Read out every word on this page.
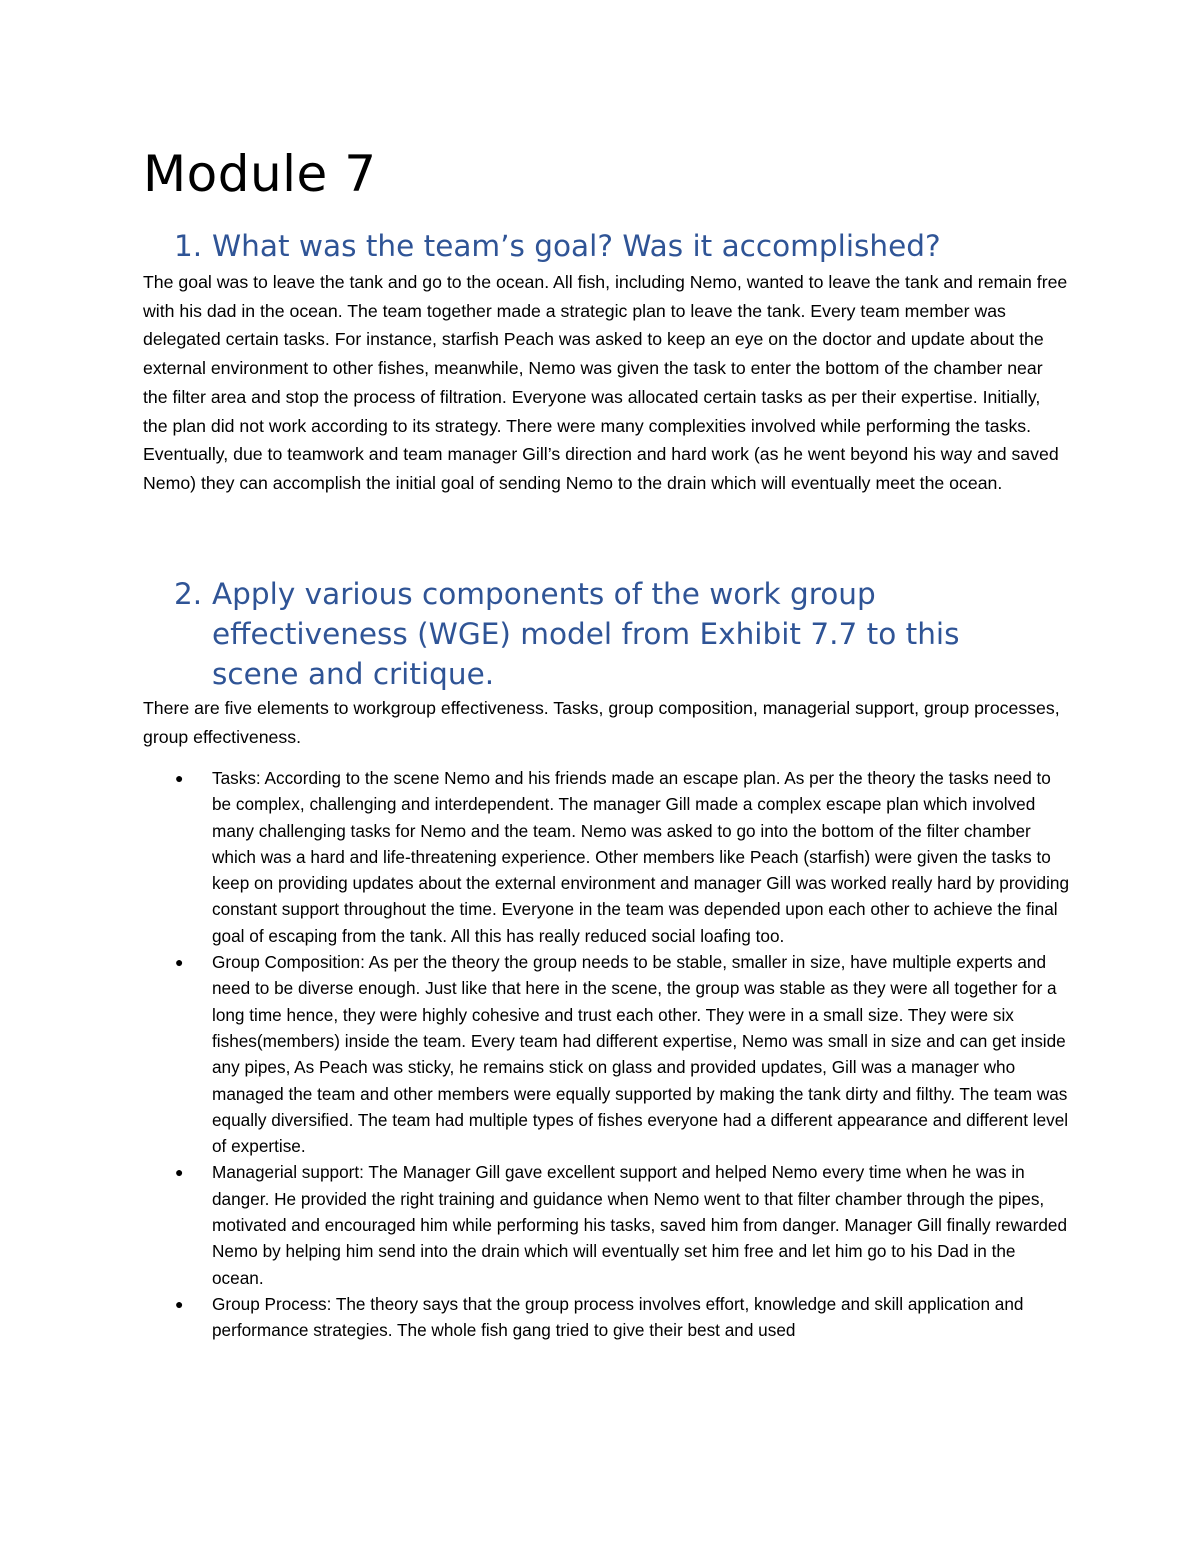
Module 7
1. What was the team’s goal? Was it accomplished?

The goal was to leave the tank and go to the ocean. All fish, including Nemo, wanted to leave the tank and remain free with his dad in the ocean. The team together made a strategic plan to leave the tank. Every team member was delegated certain tasks. For instance, starfish Peach was asked to keep an eye on the doctor and update about the external environment to other fishes, meanwhile, Nemo was given the task to enter the bottom of the chamber near the filter area and stop the process of filtration. Everyone was allocated certain tasks as per their expertise. Initially, the plan did not work according to its strategy. There were many complexities involved while performing the tasks. Eventually, due to teamwork and team manager Gill’s direction and hard work (as he went beyond his way and saved Nemo) they can accomplish the initial goal of sending Nemo to the drain which will eventually meet the ocean.

2. Apply various components of the work group effectiveness (WGE) model from Exhibit 7.7 to this scene and critique.

There are five elements to workgroup effectiveness. Tasks, group composition, managerial support, group processes, group effectiveness.

● Tasks: According to the scene Nemo and his friends made an escape plan. As per the theory the tasks need to be complex, challenging and interdependent. The manager Gill made a complex escape plan which involved many challenging tasks for Nemo and the team. Nemo was asked to go into the bottom of the filter chamber which was a hard and life-threatening experience. Other members like Peach (starfish) were given the tasks to keep on providing updates about the external environment and manager Gill was worked really hard by providing constant support throughout the time. Everyone in the team was depended upon each other to achieve the final goal of escaping from the tank. All this has really reduced social loafing too.
● Group Composition: As per the theory the group needs to be stable, smaller in size, have multiple experts and need to be diverse enough. Just like that here in the scene, the group was stable as they were all together for a long time hence, they were highly cohesive and trust each other. They were in a small size. They were six fishes(members) inside the team. Every team had different expertise, Nemo was small in size and can get inside any pipes, As Peach was sticky, he remains stick on glass and provided updates, Gill was a manager who managed the team and other members were equally supported by making the tank dirty and filthy. The team was equally diversified. The team had multiple types of fishes everyone had a different appearance and different level of expertise.
● Managerial support: The Manager Gill gave excellent support and helped Nemo every time when he was in danger. He provided the right training and guidance when Nemo went to that filter chamber through the pipes, motivated and encouraged him while performing his tasks, saved him from danger. Manager Gill finally rewarded Nemo by helping him send into the drain which will eventually set him free and let him go to his Dad in the ocean.
● Group Process: The theory says that the group process involves effort, knowledge and skill application and performance strategies. The whole fish gang tried to give their best and used
